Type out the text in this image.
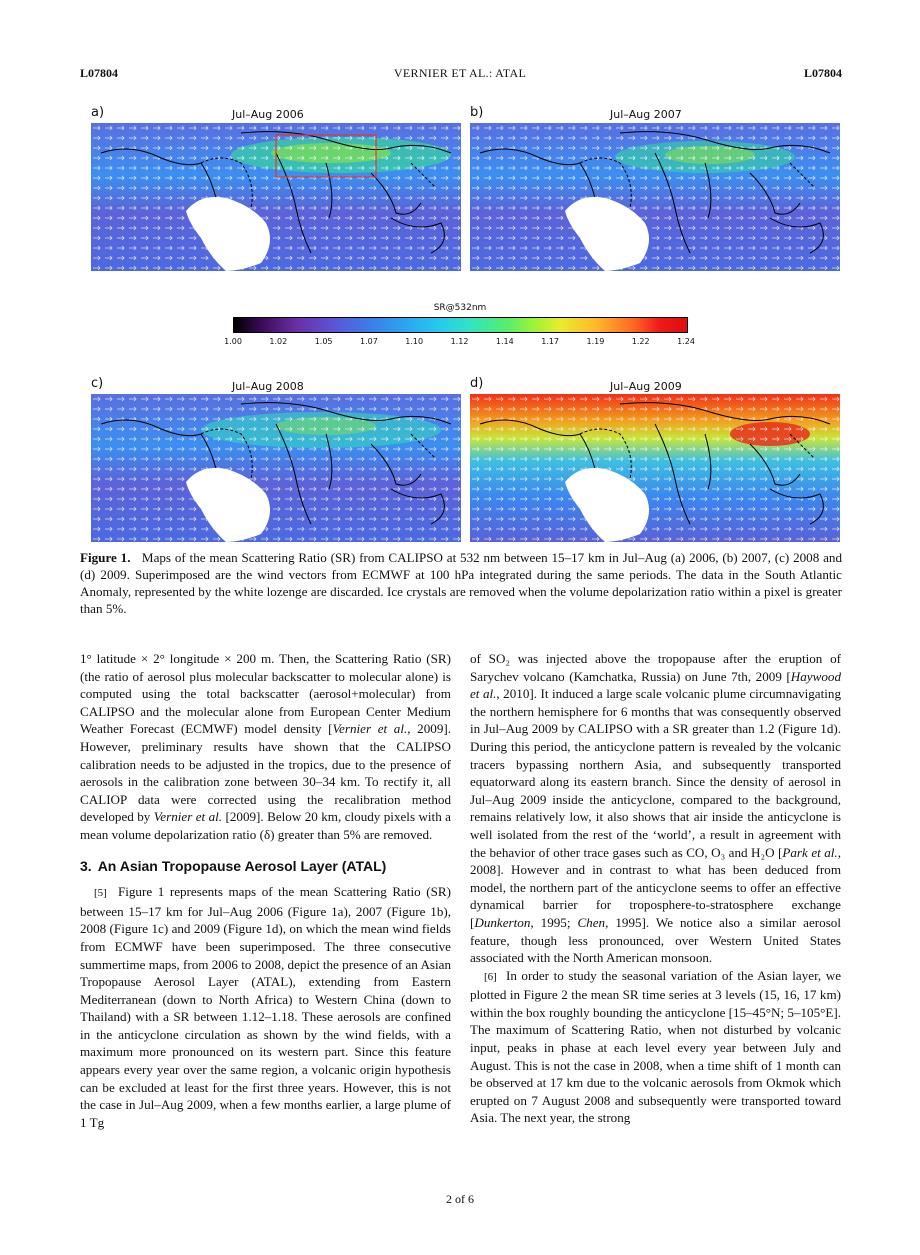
L07804	VERNIER ET AL.: ATAL	L07804
a)	Jul–Aug 2006	b)	Jul–Aug 2007
SR@532nm
1.00	1.02	1.05	1.07	1.10	1.12	1.14	1.17	1.19	1.22	1.24
c)	Jul–Aug 2008	d)	Jul–Aug 2009
Figure 1. Maps of the mean Scattering Ratio (SR) from CALIPSO at 532 nm between 15–17 km in Jul–Aug (a) 2006, (b) 2007, (c) 2008 and (d) 2009. Superimposed are the wind vectors from ECMWF at 100 hPa integrated during the same periods. The data in the South Atlantic Anomaly, represented by the white lozenge are discarded. Ice crystals are removed when the volume depolarization ratio within a pixel is greater than 5%.

1° latitude × 2° longitude × 200 m. Then, the Scattering Ratio (SR) (the ratio of aerosol plus molecular backscatter to molecular alone) is computed using the total backscatter (aerosol+molecular) from CALIPSO and the molecular alone from European Center Medium Weather Forecast (ECMWF) model density [Vernier et al., 2009]. However, preliminary results have shown that the CALIPSO calibration needs to be adjusted in the tropics, due to the presence of aerosols in the calibration zone between 30–34 km. To rectify it, all CALIOP data were corrected using the recalibration method developed by Vernier et al. [2009]. Below 20 km, cloudy pixels with a mean volume depolarization ratio (δ) greater than 5% are removed.

3. An Asian Tropopause Aerosol Layer (ATAL)

[5] Figure 1 represents maps of the mean Scattering Ratio (SR) between 15–17 km for Jul–Aug 2006 (Figure 1a), 2007 (Figure 1b), 2008 (Figure 1c) and 2009 (Figure 1d), on which the mean wind fields from ECMWF have been superimposed. The three consecutive summertime maps, from 2006 to 2008, depict the presence of an Asian Tropopause Aerosol Layer (ATAL), extending from Eastern Mediterranean (down to North Africa) to Western China (down to Thailand) with a SR between 1.12–1.18. These aerosols are confined in the anticyclone circulation as shown by the wind fields, with a maximum more pronounced on its western part. Since this feature appears every year over the same region, a volcanic origin hypothesis can be excluded at least for the first three years. However, this is not the case in Jul–Aug 2009, when a few months earlier, a large plume of 1 Tg

of SO₂ was injected above the tropopause after the eruption of Sarychev volcano (Kamchatka, Russia) on June 7th, 2009 [Haywood et al., 2010]. It induced a large scale volcanic plume circumnavigating the northern hemisphere for 6 months that was consequently observed in Jul–Aug 2009 by CALIPSO with a SR greater than 1.2 (Figure 1d). During this period, the anticyclone pattern is revealed by the volcanic tracers bypassing northern Asia, and subsequently transported equatorward along its eastern branch. Since the density of aerosol in Jul–Aug 2009 inside the anticyclone, compared to the background, remains relatively low, it also shows that air inside the anticyclone is well isolated from the rest of the ‘world’, a result in agreement with the behavior of other trace gases such as CO, O₃ and H₂O [Park et al., 2008]. However and in contrast to what has been deduced from model, the northern part of the anticyclone seems to offer an effective dynamical barrier for troposphere-to-stratosphere exchange [Dunkerton, 1995; Chen, 1995]. We notice also a similar aerosol feature, though less pronounced, over Western United States associated with the North American monsoon.

[6] In order to study the seasonal variation of the Asian layer, we plotted in Figure 2 the mean SR time series at 3 levels (15, 16, 17 km) within the box roughly bounding the anticyclone [15–45°N; 5–105°E]. The maximum of Scattering Ratio, when not disturbed by volcanic input, peaks in phase at each level every year between July and August. This is not the case in 2008, when a time shift of 1 month can be observed at 17 km due to the volcanic aerosols from Okmok which erupted on 7 August 2008 and subsequently were transported toward Asia. The next year, the strong

2 of 6
